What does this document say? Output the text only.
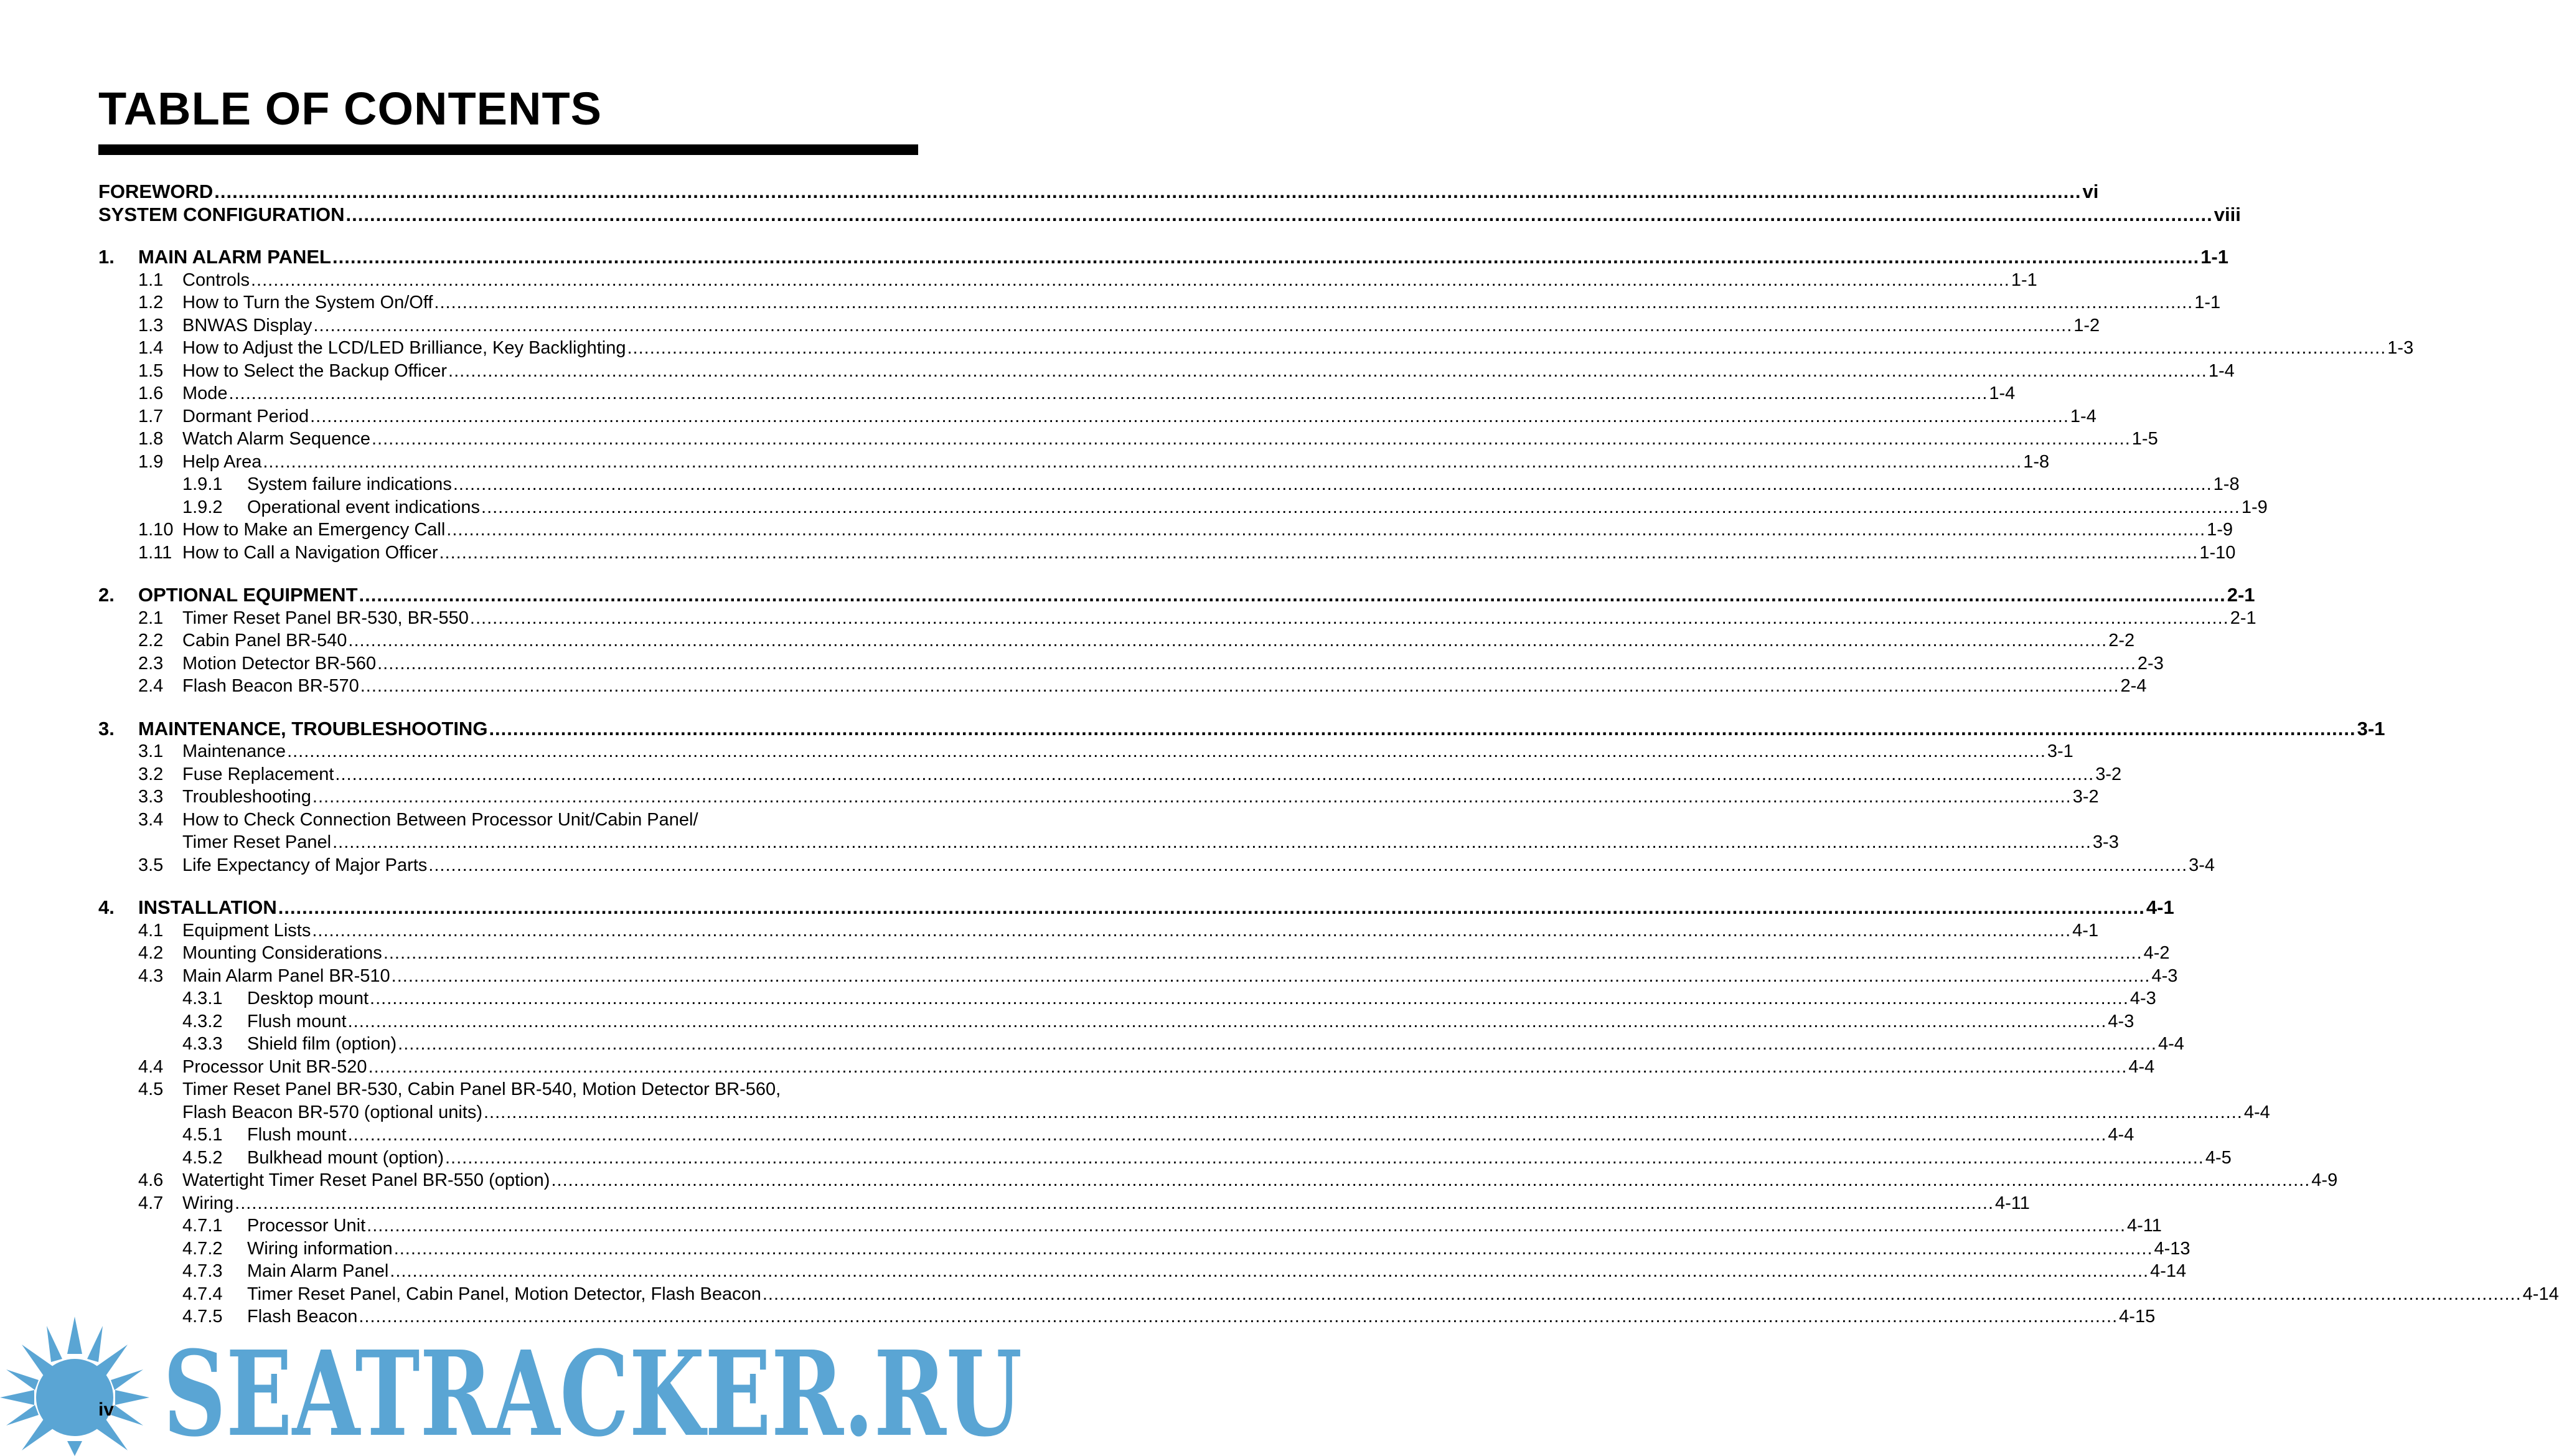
TABLE OF CONTENTS
FOREWORD .....	vi
SYSTEM CONFIGURATION .....	viii
1.	MAIN ALARM PANEL .....	1-1
1.1	Controls .....	1-1
1.2	How to Turn the System On/Off .....	1-1
1.3	BNWAS Display .....	1-2
1.4	How to Adjust the LCD/LED Brilliance, Key Backlighting .....	1-3
1.5	How to Select the Backup Officer .....	1-4
1.6	Mode .....	1-4
1.7	Dormant Period .....	1-4
1.8	Watch Alarm Sequence .....	1-5
1.9	Help Area .....	1-8
1.9.1	System failure indications .....	1-8
1.9.2	Operational event indications .....	1-9
1.10 How to Make an Emergency Call .....	1-9
1.11 How to Call a Navigation Officer .....	1-10
2.	OPTIONAL EQUIPMENT .....	2-1
2.1	Timer Reset Panel BR-530, BR-550 .....	2-1
2.2	Cabin Panel BR-540 .....	2-2
2.3	Motion Detector BR-560 .....	2-3
2.4	Flash Beacon BR-570 .....	2-4
3.	MAINTENANCE, TROUBLESHOOTING .....	3-1
3.1	Maintenance .....	3-1
3.2	Fuse Replacement .....	3-2
3.3	Troubleshooting .....	3-2
3.4	How to Check Connection Between Processor Unit/Cabin Panel/
Timer Reset Panel .....	3-3
3.5	Life Expectancy of Major Parts .....	3-4
4.	INSTALLATION .....	4-1
4.1	Equipment Lists .....	4-1
4.2	Mounting Considerations .....	4-2
4.3	Main Alarm Panel BR-510 .....	4-3
4.3.1	Desktop mount .....	4-3
4.3.2	Flush mount .....	4-3
4.3.3	Shield film (option) .....	4-4
4.4	Processor Unit BR-520 .....	4-4
4.5	Timer Reset Panel BR-530, Cabin Panel BR-540, Motion Detector BR-560,
Flash Beacon BR-570 (optional units) .....	4-4
4.5.1	Flush mount .....	4-4
4.5.2	Bulkhead mount (option) .....	4-5
4.6	Watertight Timer Reset Panel BR-550 (option) .....	4-9
4.7	Wiring .....	4-11
4.7.1	Processor Unit .....	4-11
4.7.2	Wiring information .....	4-13
4.7.3	Main Alarm Panel .....	4-14
4.7.4	Timer Reset Panel, Cabin Panel, Motion Detector, Flash Beacon .....	4-14
4.7.5	Flash Beacon .....	4-15
SEATRACKER.RU
iv
